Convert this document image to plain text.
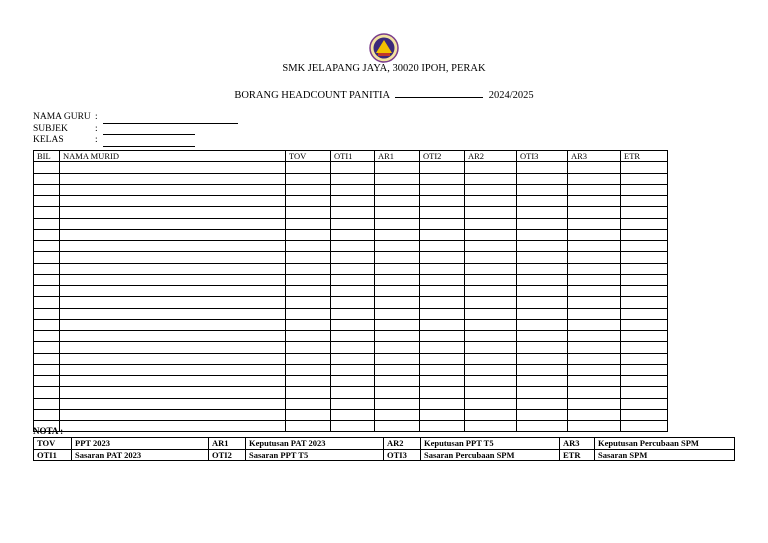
SMK JELAPANG JAYA, 30020 IPOH, PERAK
BORANG HEADCOUNT PANITIA	2024/2025
NAMA GURU :
SUBJEK	:
KELAS	:
BIL	NAMA MURID	TOV	OTI1	AR1	OTI2	AR2	OTI3	AR3	ETR

NOTA :
TOV	PPT 2023	AR1	Keputusan PAT 2023	AR2	Keputusan PPT T5	AR3	Keputusan Percubaan SPM
OTI1	Sasaran PAT 2023	OTI2	Sasaran PPT T5	OTI3	Sasaran Percubaan SPM	ETR	Sasaran SPM
